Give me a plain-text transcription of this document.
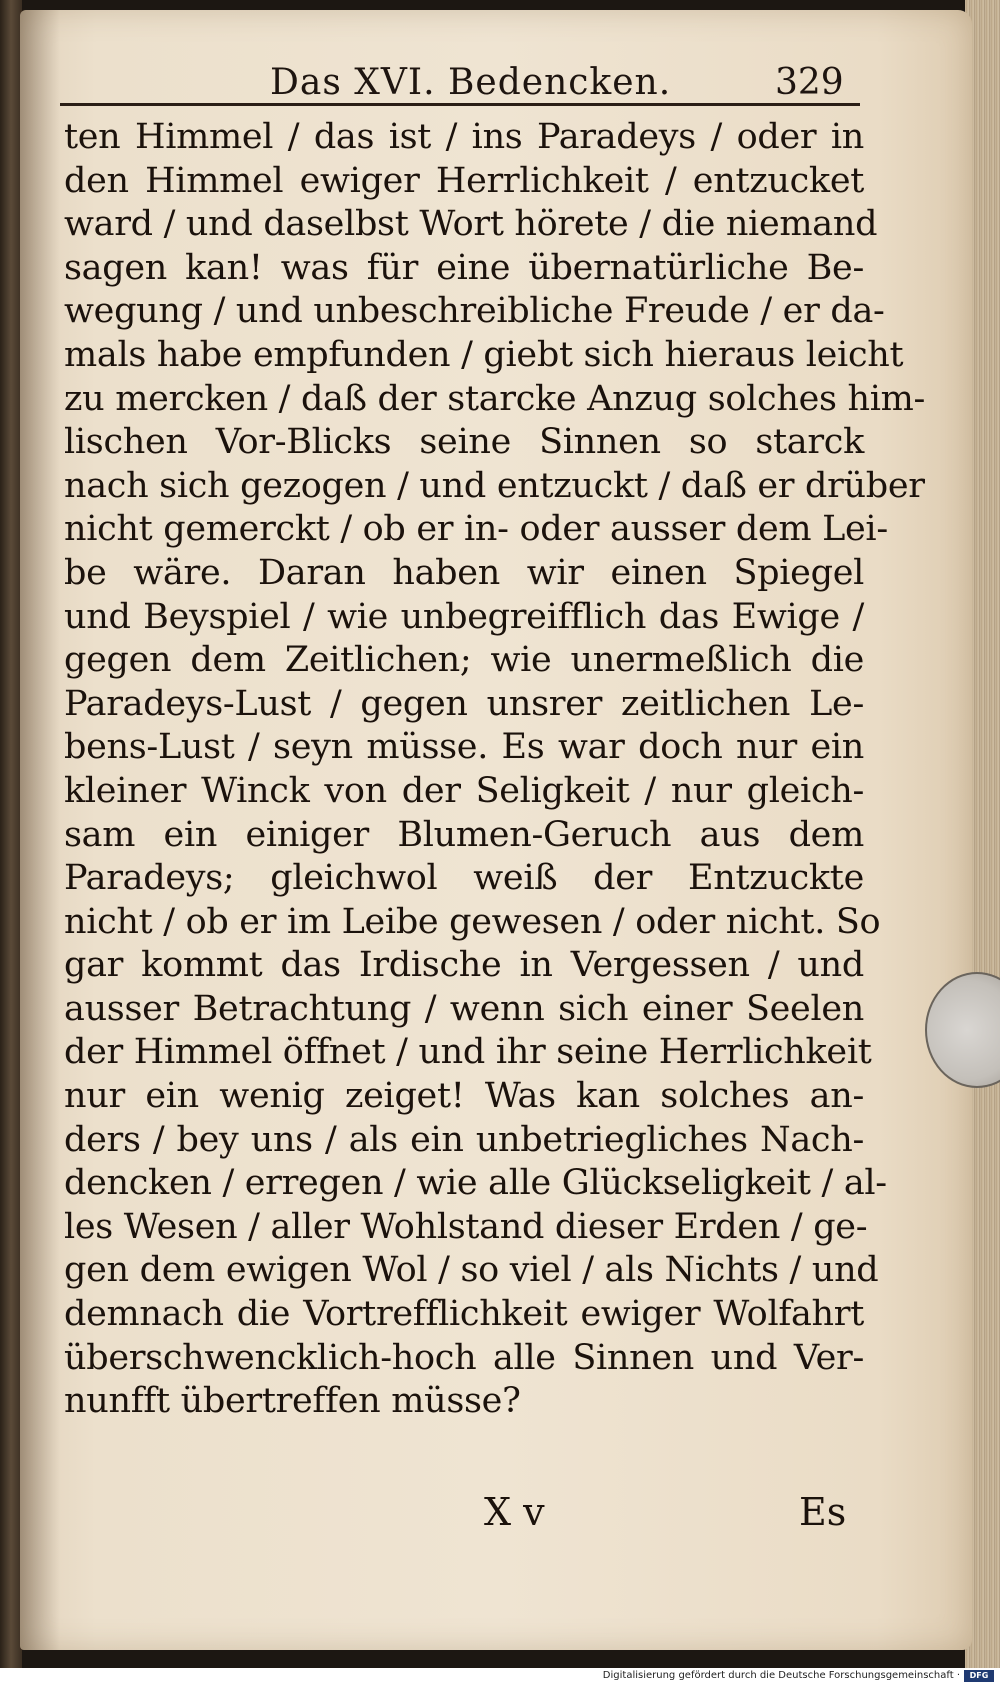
Das XVI. Bedencken.	329
ten Himmel / das ist / ins Paradeys / oder in
den Himmel ewiger Herrlichkeit / entzucket
ward / und daselbst Wort hörete / die niemand
sagen kan! was für eine übernatürliche Be-
wegung / und unbeschreibliche Freude / er da-
mals habe empfunden / giebt sich hieraus leicht
zu mercken / daß der starcke Anzug solches him-
lischen Vor-Blicks seine Sinnen so starck
nach sich gezogen / und entzuckt / daß er drüber
nicht gemerckt / ob er in- oder ausser dem Lei-
be wäre. Daran haben wir einen Spiegel
und Beyspiel / wie unbegreifflich das Ewige /
gegen dem Zeitlichen; wie unermeßlich die
Paradeys-Lust / gegen unsrer zeitlichen Le-
bens-Lust / seyn müsse. Es war doch nur ein
kleiner Winck von der Seligkeit / nur gleich-
sam ein einiger Blumen-Geruch aus dem
Paradeys; gleichwol weiß der Entzuckte
nicht / ob er im Leibe gewesen / oder nicht. So
gar kommt das Irdische in Vergessen / und
ausser Betrachtung / wenn sich einer Seelen
der Himmel öffnet / und ihr seine Herrlichkeit
nur ein wenig zeiget! Was kan solches an-
ders / bey uns / als ein unbetriegliches Nach-
dencken / erregen / wie alle Glückseligkeit / al-
les Wesen / aller Wohlstand dieser Erden / ge-
gen dem ewigen Wol / so viel / als Nichts / und
demnach die Vortrefflichkeit ewiger Wolfahrt
überschwencklich-hoch alle Sinnen und Ver-
nunfft übertreffen müsse?
X v	Es
Digitalisierung gefördert durch die Deutsche Forschungsgemeinschaft ·	DFG
